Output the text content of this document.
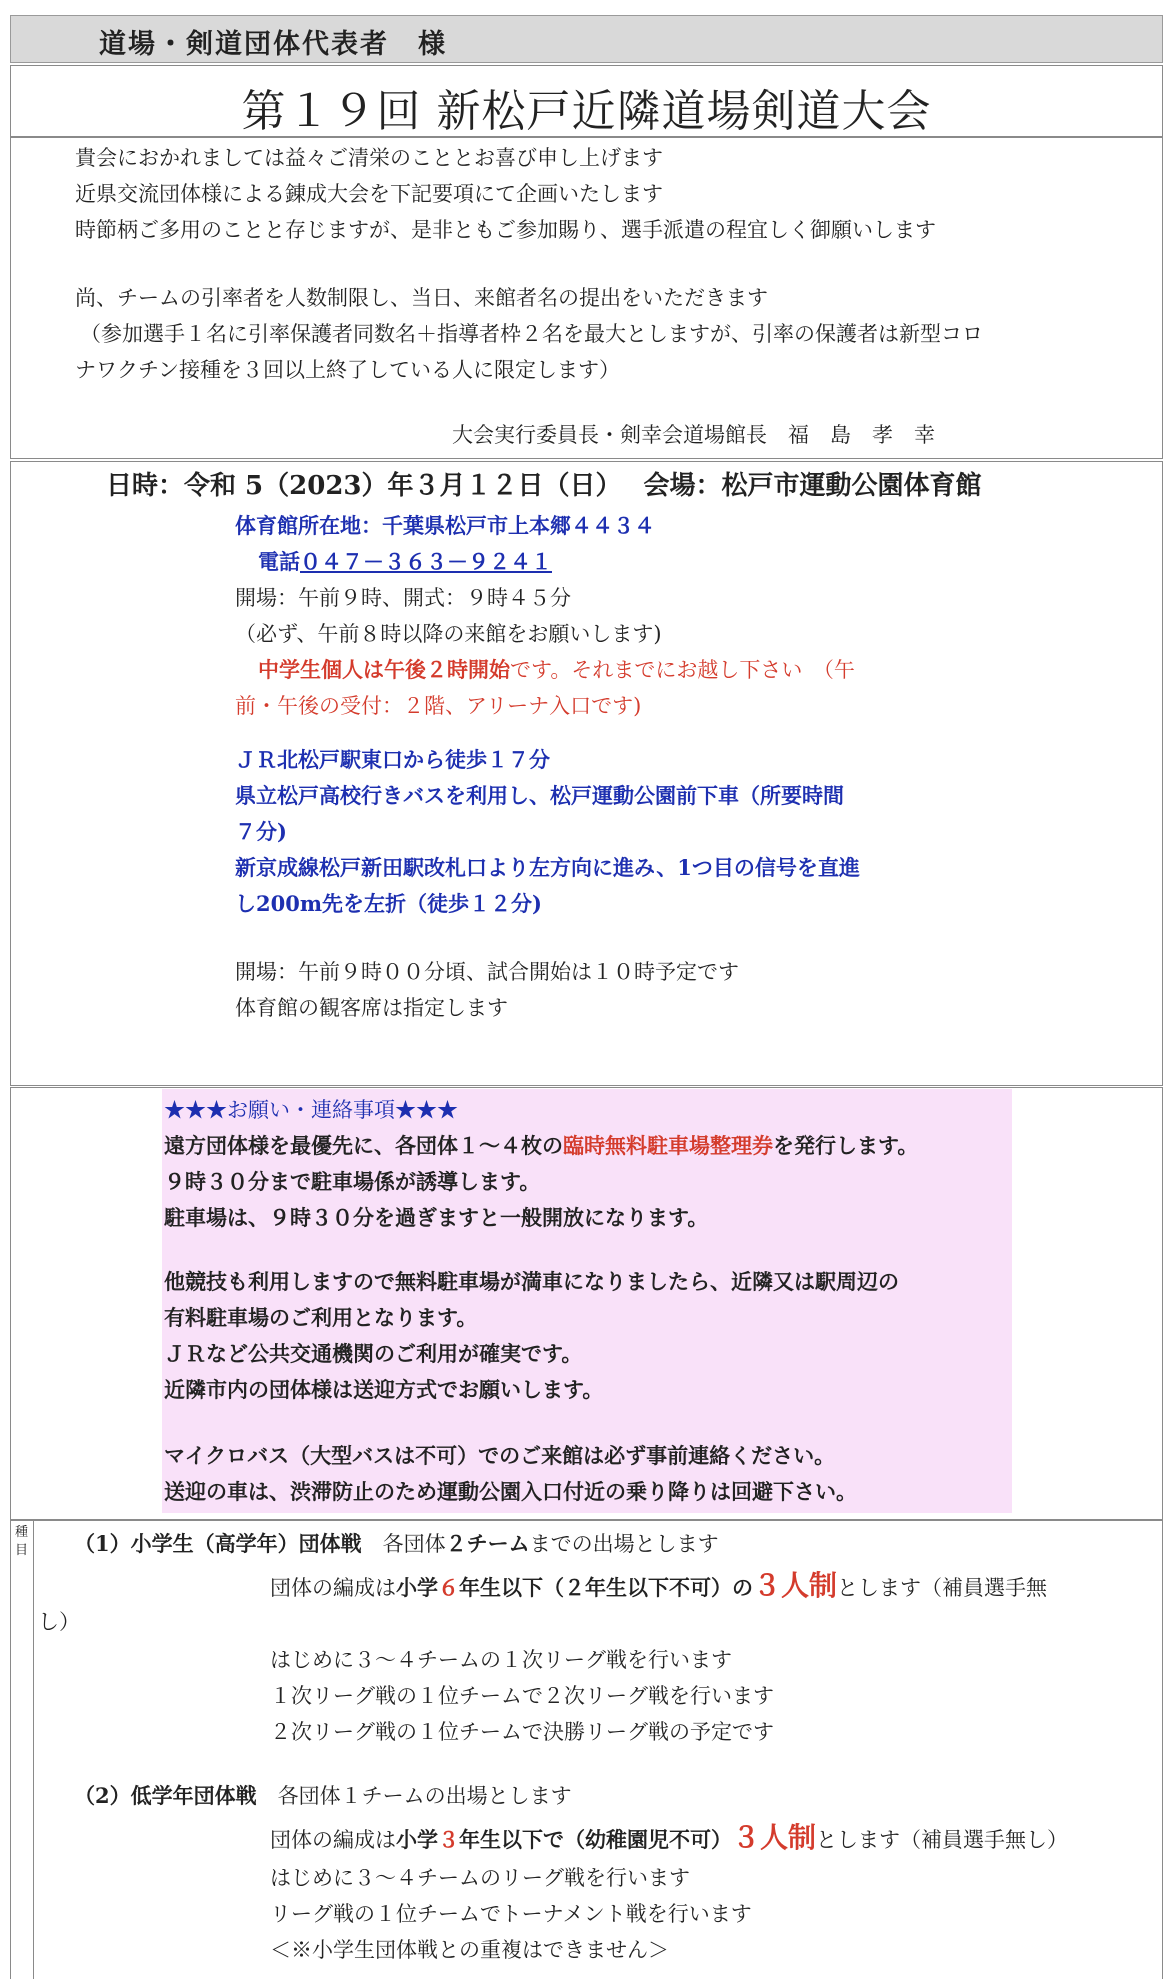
道場・剣道団体代表者　様
第１９回 新松戸近隣道場剣道大会
貴会におかれましては益々ご清栄のこととお喜び申し上げます
近県交流団体様による錬成大会を下記要項にて企画いたします
時節柄ご多用のことと存じますが、是非ともご参加賜り、選手派遣の程宜しく御願いします
尚、チームの引率者を人数制限し、当日、来館者名の提出をいただきます
（参加選手１名に引率保護者同数名＋指導者枠２名を最大としますが、引率の保護者は新型コロ
ナワクチン接種を３回以上終了している人に限定します）
大会実行委員長・剣幸会道場館長　福　島　孝　幸
日時：令和 5（2023）年３月１２日（日）　 会場：松戸市運動公園体育館
体育館所在地：千葉県松戸市上本郷４４３４
電話０４７－３６３－９２４１
開場：午前９時、開式：９時４５分
（必ず、午前８時以降の来館をお願いします)
中学生個人は午後２時開始です。それまでにお越し下さい　（午
前・午後の受付：２階、アリーナ入口です)
ＪＲ北松戸駅東口から徒歩１７分
県立松戸高校行きバスを利用し、松戸運動公園前下車（所要時間
７分)
新京成線松戸新田駅改札口より左方向に進み、1つ目の信号を直進
し200m先を左折（徒歩１２分)
開場：午前９時００分頃、試合開始は１０時予定です
体育館の観客席は指定します
★★★お願い・連絡事項★★★
遠方団体様を最優先に、各団体１～４枚の臨時無料駐車場整理券を発行します。
９時３０分まで駐車場係が誘導します。
駐車場は、９時３０分を過ぎますと一般開放になります。
他競技も利用しますので無料駐車場が満車になりましたら、近隣又は駅周辺の
有料駐車場のご利用となります。
ＪＲなど公共交通機関のご利用が確実です。
近隣市内の団体様は送迎方式でお願いします。
マイクロバス（大型バスは不可）でのご来館は必ず事前連絡ください。
送迎の車は、渋滞防止のため運動公園入口付近の乗り降りは回避下さい。
種目 （1）小学生（高学年）団体戦　各団体２チームまでの出場とします
団体の編成は小学６年生以下（２年生以下不可）の３人制とします（補員選手無
し）
はじめに３～４チームの１次リーグ戦を行います
１次リーグ戦の１位チームで２次リーグ戦を行います
２次リーグ戦の１位チームで決勝リーグ戦の予定です
（2）低学年団体戦　各団体１チームの出場とします
団体の編成は小学３年生以下で（幼稚園児不可）３人制とします（補員選手無し）
はじめに３～４チームのリーグ戦を行います
リーグ戦の１位チームでトーナメント戦を行います
＜※小学生団体戦との重複はできません＞
